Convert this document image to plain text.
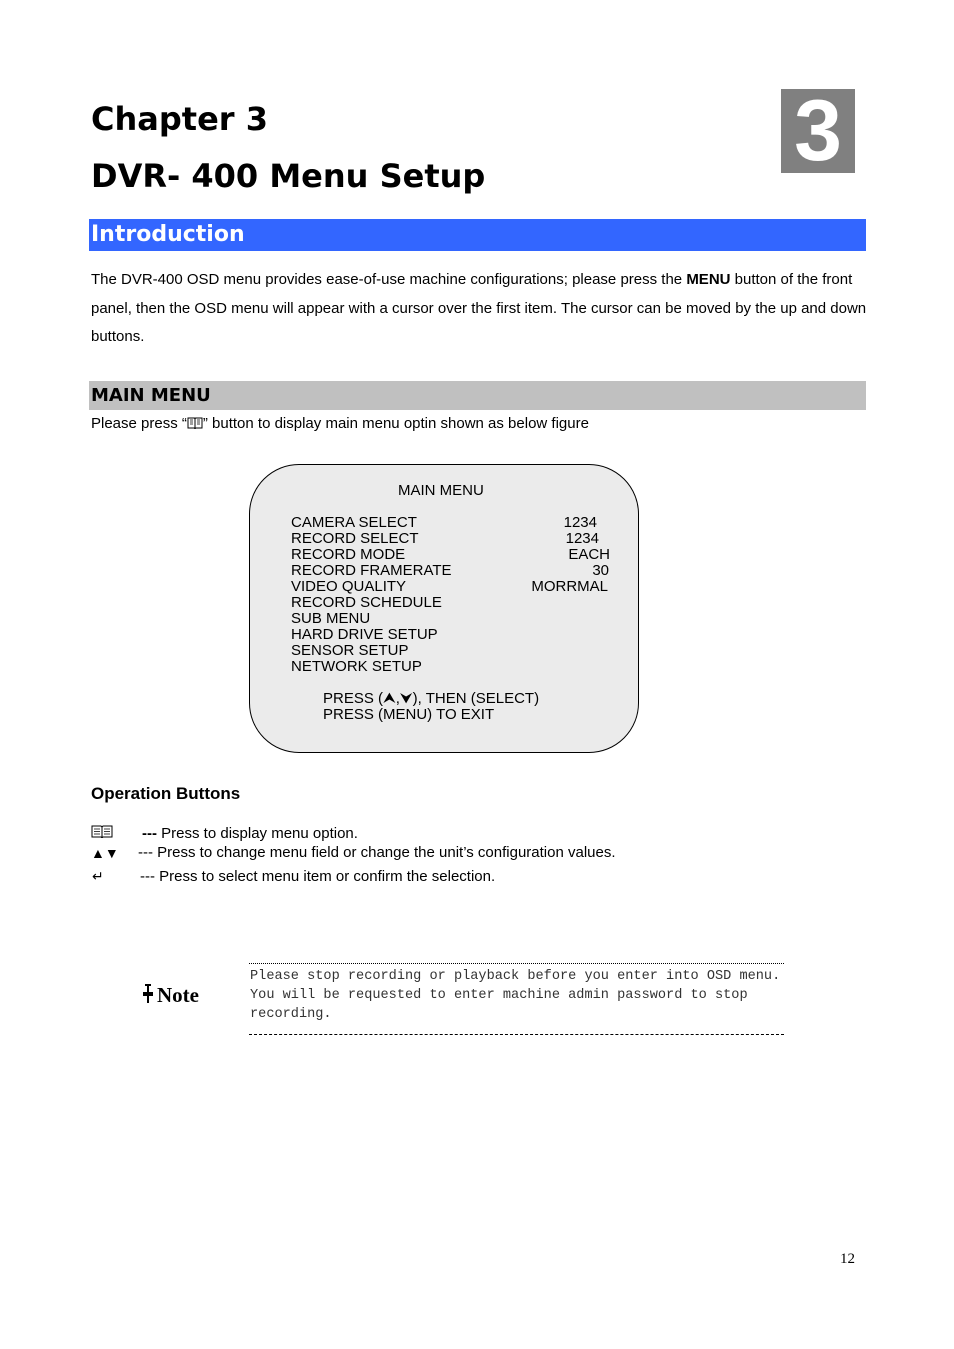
Chapter 3
DVR- 400 Menu Setup	3
Introduction

The DVR-400 OSD menu provides ease-of-use machine configurations; please press the MENU button of the front panel, then the OSD menu will appear with a cursor over the first item. The cursor can be moved by the up and down buttons.

MAIN MENU
Please press “ ” button to display main menu optin shown as below figure
MAIN MENU
CAMERA SELECT
RECORD SELECT
RECORD MODE
RECORD FRAMERATE
VIDEO QUALITY
RECORD SCHEDULE
SUB MENU
HARD DRIVE SETUP
SENSOR SETUP
NETWORK SETUP
1234
1234
EACH
30
MORRMAL
PRESS (⮝,⮟), THEN (SELECT)
PRESS (MENU) TO EXIT
Operation Buttons
--- Press to display menu option.
▲▼ --- Press to change menu field or change the unit’s configuration values.
↵ --- Press to select menu item or confirm the selection.
Note

Please stop recording or playback before you enter into OSD menu. You will be requested to enter machine admin password to stop recording.

12
